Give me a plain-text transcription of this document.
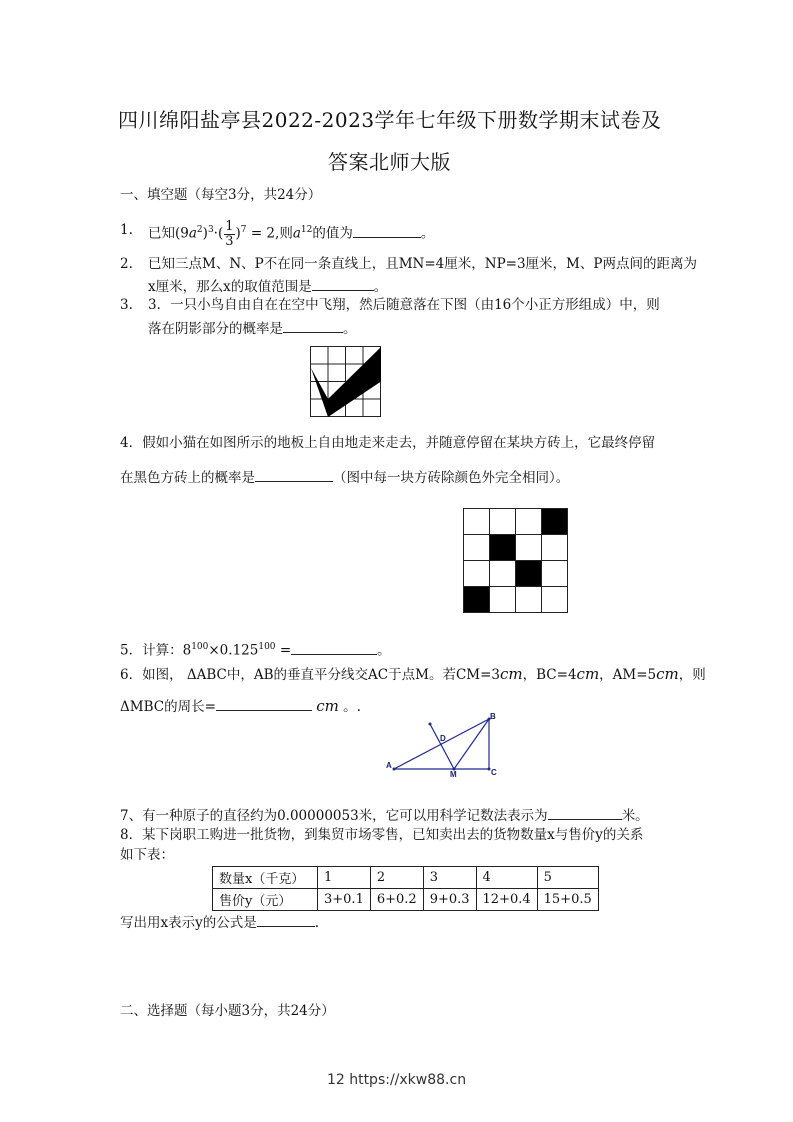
四川绵阳盐亭县2022-2023学年七年级下册数学期末试卷及
答案北师大版
一、填空题（每空3分，共24分）
1. 已知$(9a^2)^3\cdot( \frac{1}{3} )^7 = 2$,则$a^{12}$的值为	。
2. 已知三点M、N、P不在同一条直线上，且MN=4厘米，NP=3厘米，M、P两点间的距离为
x厘米，那么x的取值范围是	。
3. 3．一只小鸟自由自在在空中飞翔，然后随意落在下图（由16个小正方形组成）中，则
落在阴影部分的概率是	。
4．假如小猫在如图所示的地板上自由地走来走去，并随意停留在某块方砖上，它最终停留
在黑色方砖上的概率是	（图中每一块方砖除颜色外完全相同）。

5．计算：$8^{100}\times 0.125^{100}$ =	。
6．如图， ΔABC中，AB的垂直平分线交AC于点M。若CM=3cm，BC=4cm，AM=5cm，则
ΔMBC的周长=	cm 。.
A
B
C
D
M
7、有一种原子的直径约为0.00000053米，它可以用科学记数法表示为	米。
8．某下岗职工购进一批货物，到集贸市场零售，已知卖出去的货物数量x与售价y的关系
如下表：
数量x（千克）	1	2	3	4	5
售价y（元）	3+0.1	6+0.2	9+0.3	12+0.4	15+0.5
写出用x表示y的公式是	.
二、选择题（每小题3分，共24分）
12 https://xkw88.cn
